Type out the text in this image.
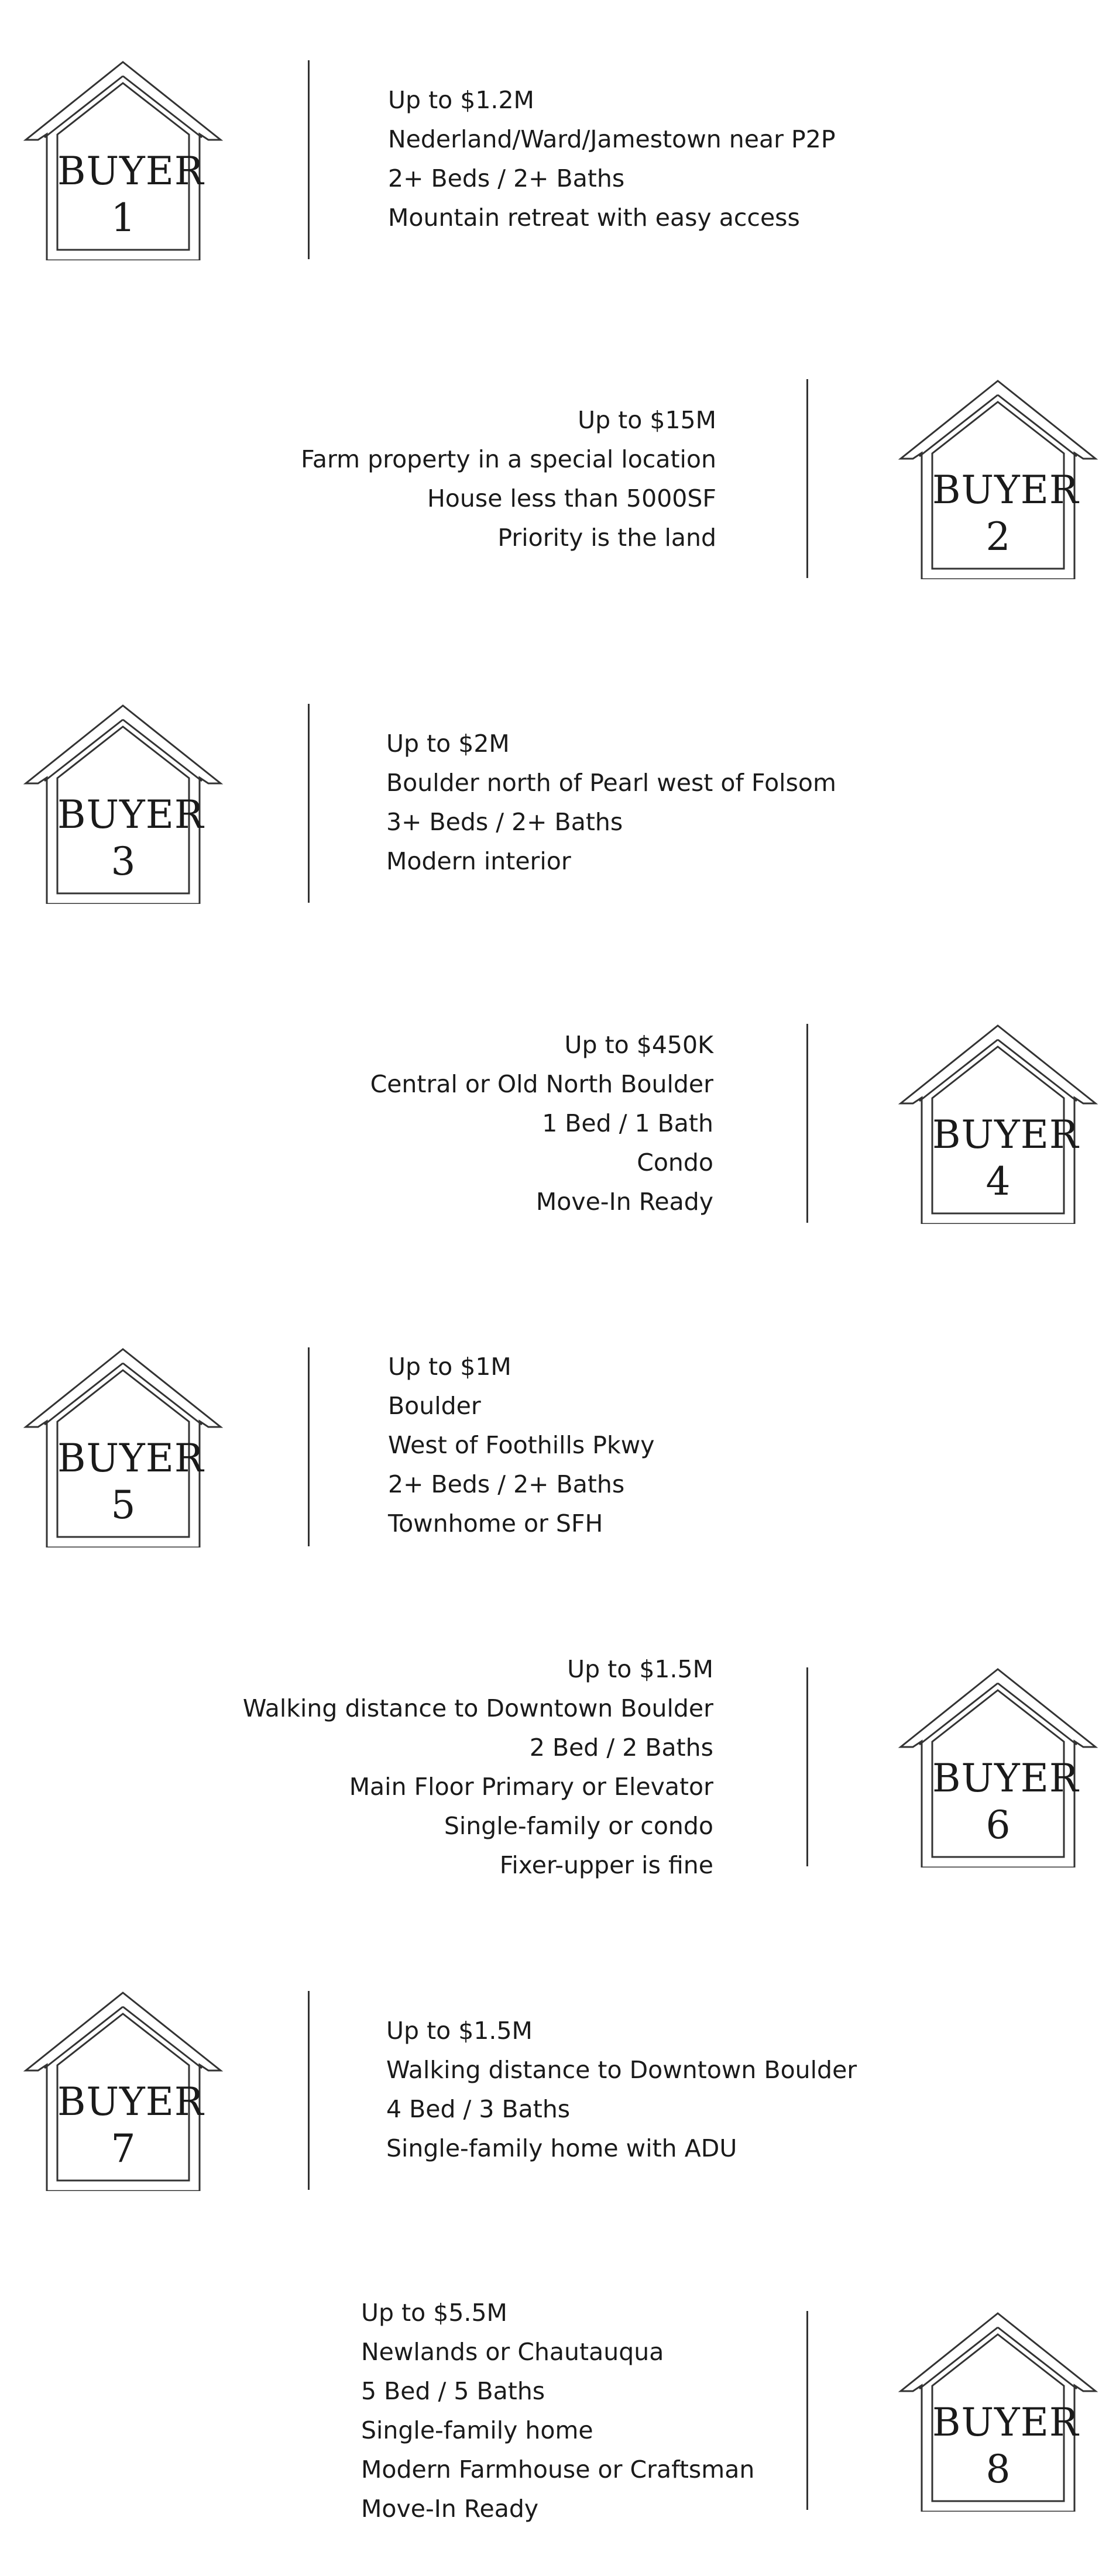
BUYER
1
Up to $1.2M
Nederland/Ward/Jamestown near P2P
2+ Beds / 2+ Baths
Mountain retreat with easy access
BUYER
2
Up to $15M
Farm property in a special location
House less than 5000SF
Priority is the land
BUYER
3
Up to $2M
Boulder north of Pearl west of Folsom
3+ Beds / 2+ Baths
Modern interior
BUYER
4
Up to $450K
Central or Old North Boulder
1 Bed / 1 Bath
Condo
Move-In Ready
BUYER
5
Up to $1M
Boulder
West of Foothills Pkwy
2+ Beds / 2+ Baths
Townhome or SFH
BUYER
6
Up to $1.5M
Walking distance to Downtown Boulder
2 Bed / 2 Baths
Main Floor Primary or Elevator
Single-family or condo
Fixer-upper is fine
BUYER
7
Up to $1.5M
Walking distance to Downtown Boulder
4 Bed / 3 Baths
Single-family home with ADU
BUYER
8
Up to $5.5M
Newlands or Chautauqua
5 Bed / 5 Baths
Single-family home
Modern Farmhouse or Craftsman
Move-In Ready
